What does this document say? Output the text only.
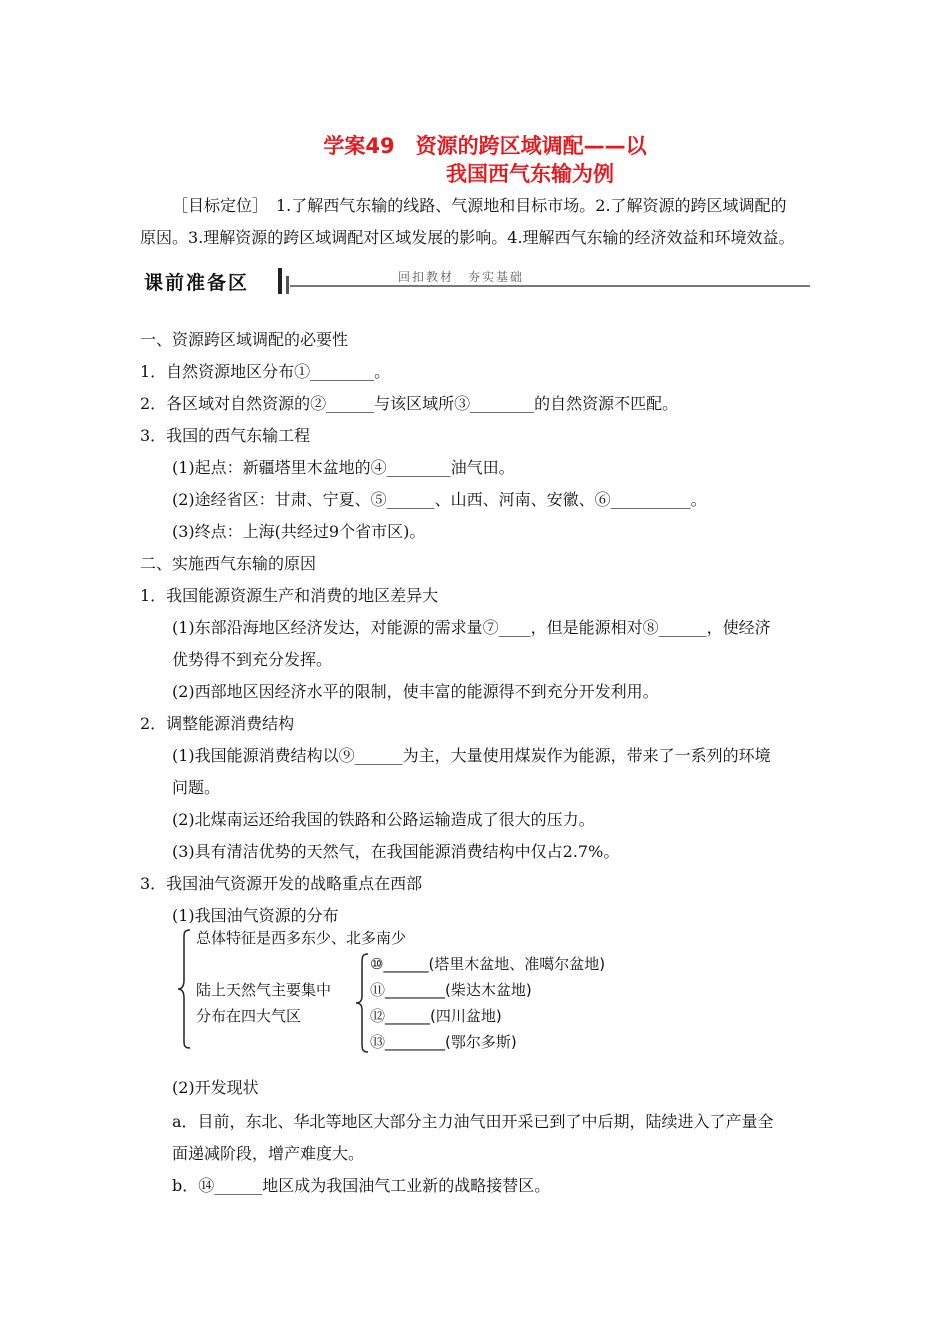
学案49　资源的跨区域调配——以
我国西气东输为例
［目标定位］　1.了解西气东输的线路、气源地和目标市场。2.了解资源的跨区域调配的
原因。3.理解资源的跨区域调配对区域发展的影响。4.理解西气东输的经济效益和环境效益。
课前准备区	回扣教材　夯实基础
一、资源跨区域调配的必要性
1．自然资源地区分布①________。
2．各区域对自然资源的②______与该区域所③________的自然资源不匹配。
3．我国的西气东输工程
(1)起点：新疆塔里木盆地的④________油气田。
(2)途经省区：甘肃、宁夏、⑤______、山西、河南、安徽、⑥__________。
(3)终点：上海(共经过9个省市区)。
二、实施西气东输的原因
1．我国能源资源生产和消费的地区差异大
(1)东部沿海地区经济发达，对能源的需求量⑦____，但是能源相对⑧______，使经济
优势得不到充分发挥。
(2)西部地区因经济水平的限制，使丰富的能源得不到充分开发利用。
2．调整能源消费结构
(1)我国能源消费结构以⑨______为主，大量使用煤炭作为能源，带来了一系列的环境
问题。
(2)北煤南运还给我国的铁路和公路运输造成了很大的压力。
(3)具有清洁优势的天然气，在我国能源消费结构中仅占2.7%。
3．我国油气资源开发的战略重点在西部
(1)我国油气资源的分布
总体特征是西多东少、北多南少
陆上天然气主要集中
分布在四大气区
⑩______(塔里木盆地、准噶尔盆地)
⑪________(柴达木盆地)
⑫______(四川盆地)
⑬________(鄂尔多斯)
(2)开发现状
a．目前，东北、华北等地区大部分主力油气田开采已到了中后期，陆续进入了产量全
面递减阶段，增产难度大。
b．⑭______地区成为我国油气工业新的战略接替区。
